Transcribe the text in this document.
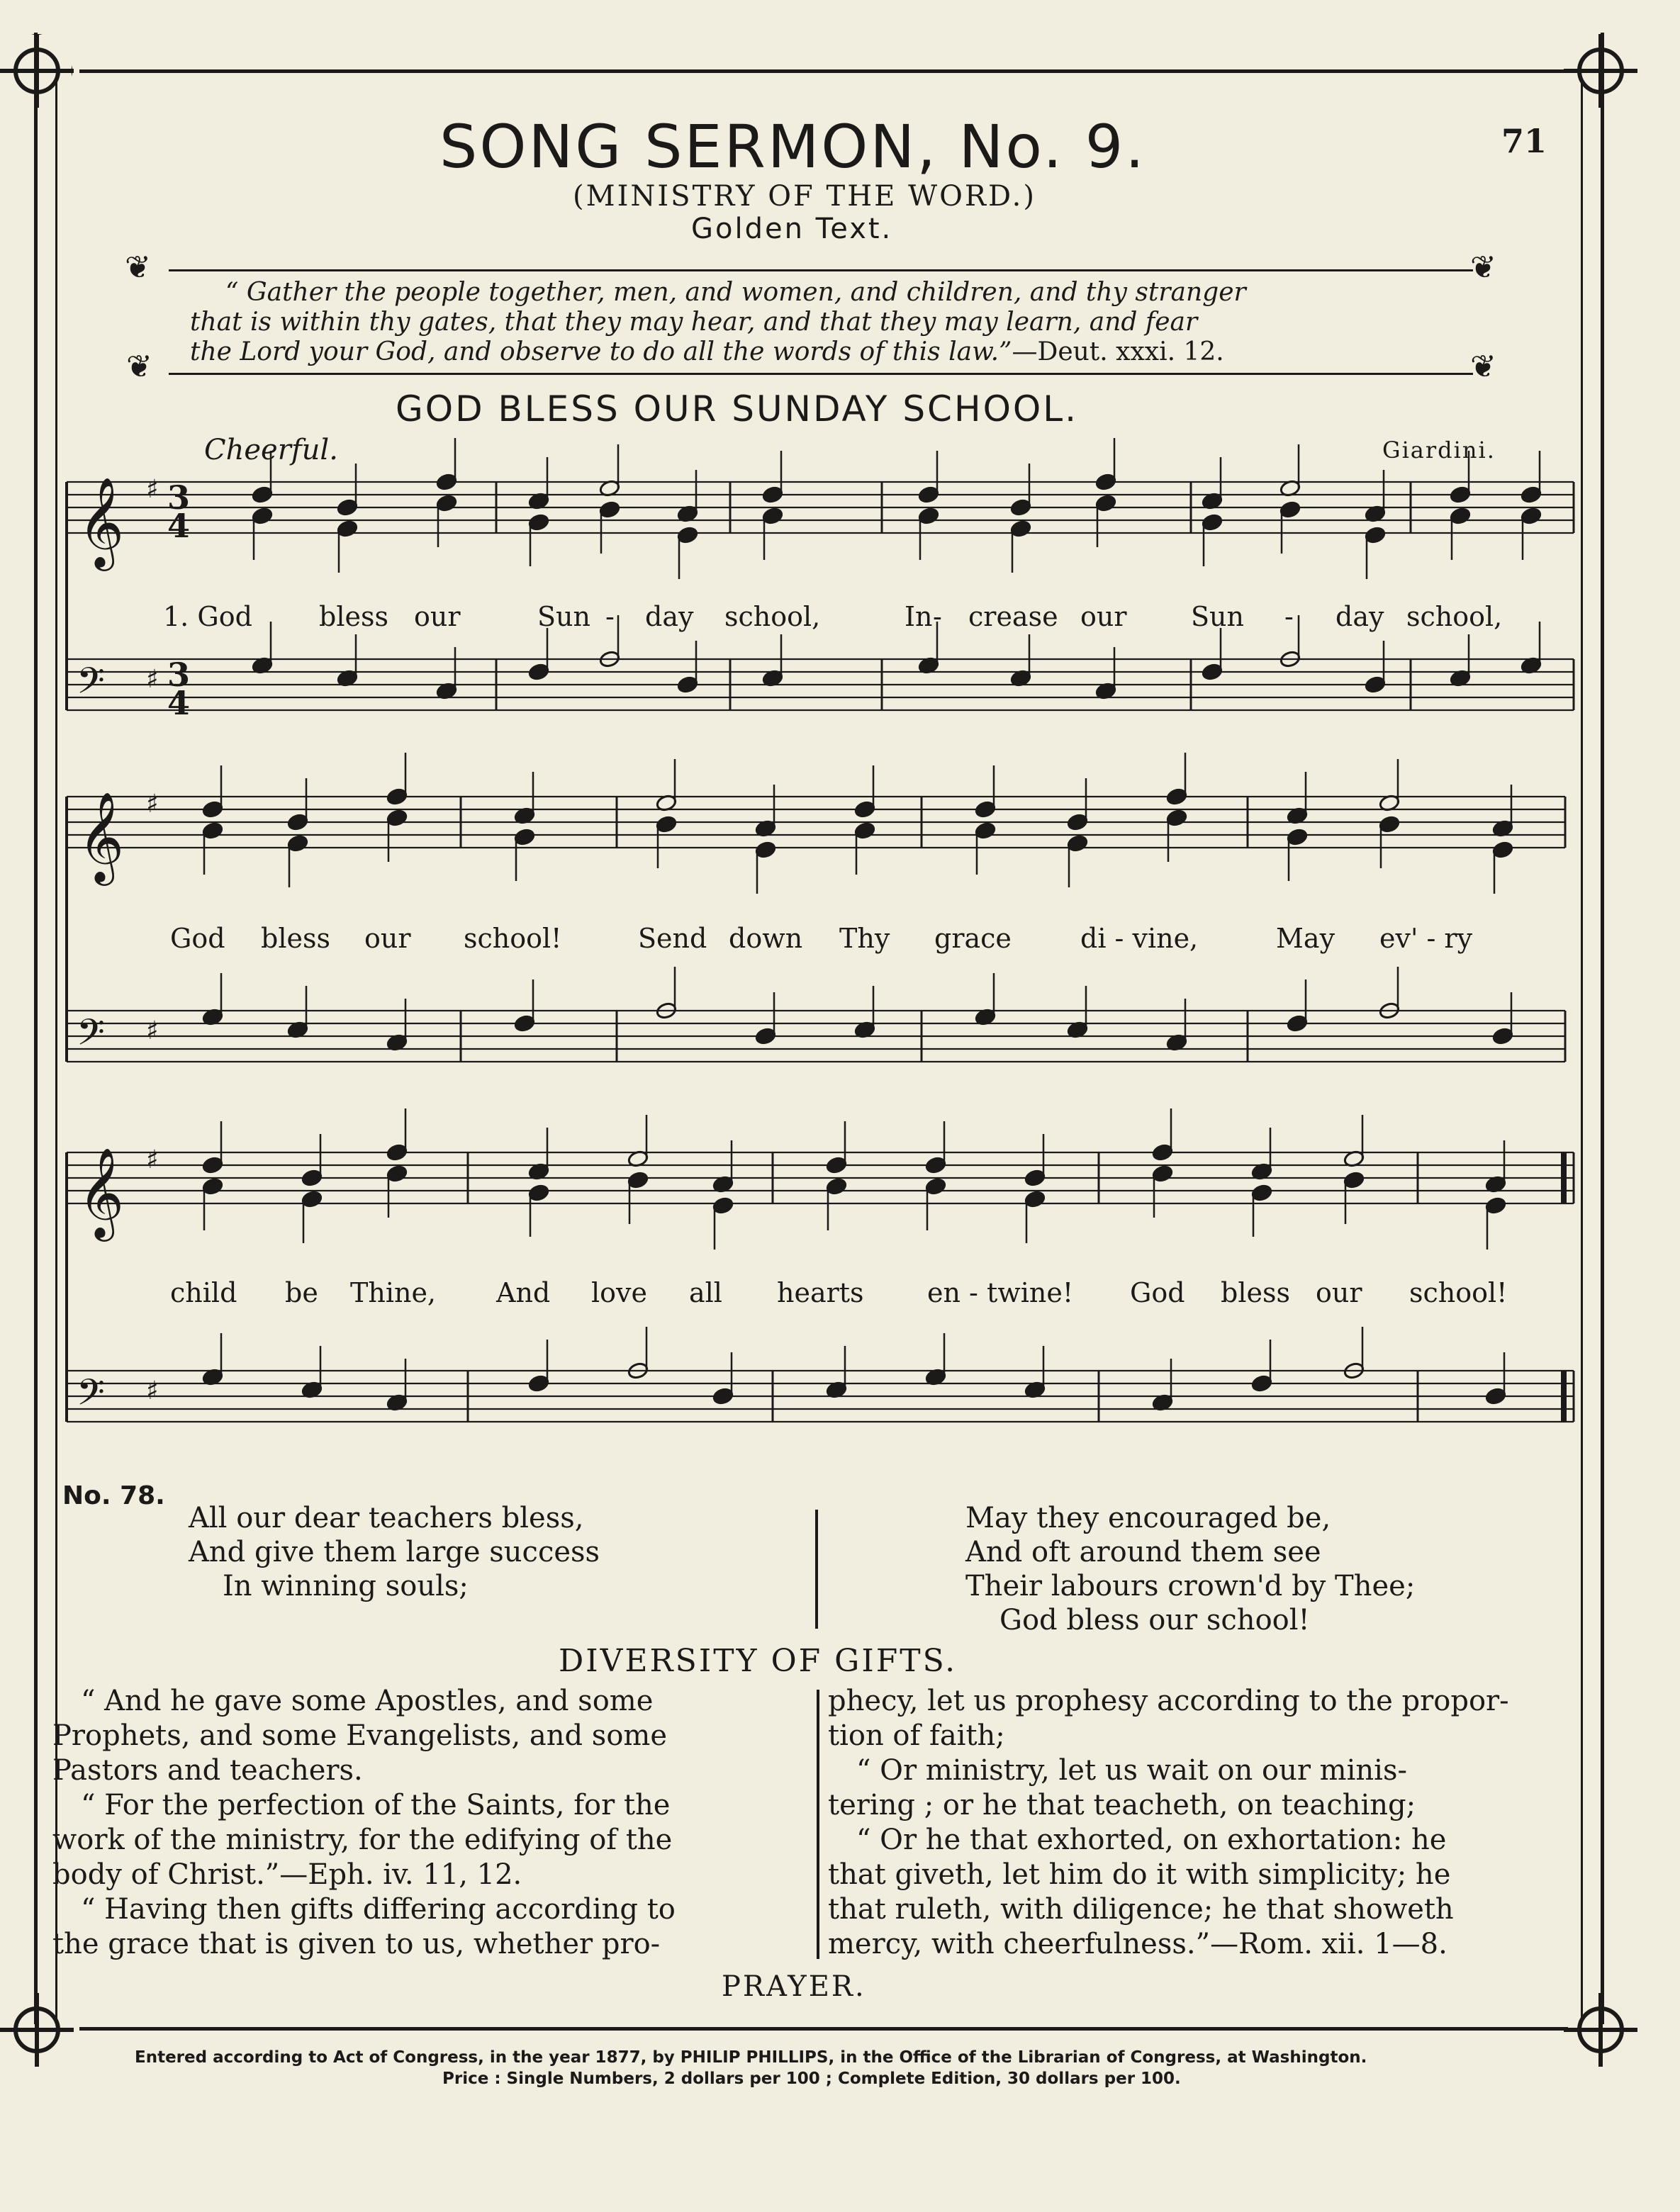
SONG SERMON, No. 9.	71
(MINISTRY OF THE WORD.)
Golden Text.
❦
❦
❦
❦
“ Gather the people together, men, and women, and children, and thy stranger
that is within thy gates, that they may hear, and that they may learn, and fear
the Lord your God, and observe to do all the words of this law.”—Deut. xxxi. 12.
GOD BLESS OUR SUNDAY SCHOOL.
Cheerful.	Giardini.
𝄞 ♯
𝄢 ♯
3
4
3
4
𝄞 ♯
𝄢 ♯
𝄞 ♯
𝄢 ♯
1. God bless our	Sun - day school,	In - crease our Sun - day school,
God bless our school!	Send down Thy grace	di - vine,	May ev' - ry
child be Thine, And love all hearts en - twine! God bless our school!
No. 78.
All our dear teachers bless,
And give them large success
In winning souls;
May they encouraged be,
And oft around them see
Their labours crown'd by Thee;
God bless our school!
DIVERSITY OF GIFTS.

“ And he gave some Apostles, and some

Prophets, and some Evangelists, and some

Pastors and teachers.

“ For the perfection of the Saints, for the

work of the ministry, for the edifying of the

body of Christ.”—Eph. iv. 11, 12.

“ Having then gifts differing according to

the grace that is given to us, whether pro-

phecy, let us prophesy according to the propor-

tion of faith;

“ Or ministry, let us wait on our minis-

tering ; or he that teacheth, on teaching;

“ Or he that exhorted, on exhortation: he

that giveth, let him do it with simplicity; he

that ruleth, with diligence; he that showeth

mercy, with cheerfulness.”—Rom. xii. 1—8.

PRAYER.
Entered according to Act of Congress, in the year 1877, by PHILIP PHILLIPS, in the Office of the Librarian of Congress, at Washington.
Price : Single Numbers, 2 dollars per 100 ; Complete Edition, 30 dollars per 100.
